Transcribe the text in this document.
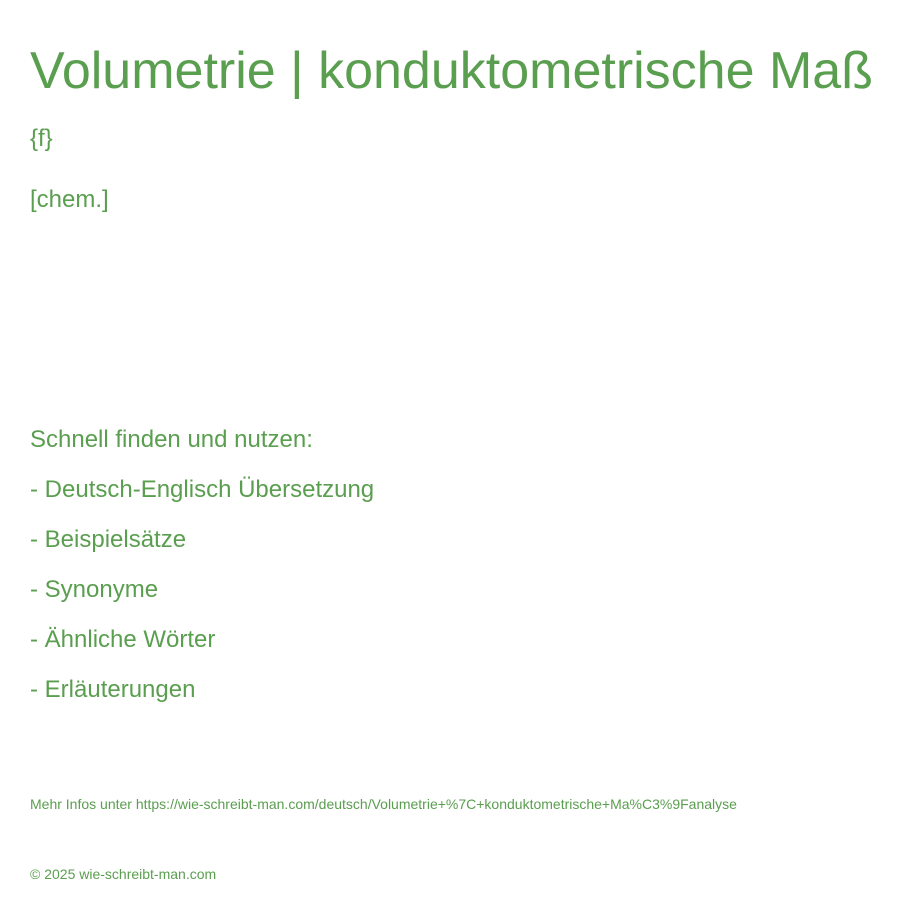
Volumetrie | konduktometrische Maß
{f}
[chem.]
Schnell finden und nutzen:
- Deutsch-Englisch Übersetzung
- Beispielsätze
- Synonyme
- Ähnliche Wörter
- Erläuterungen
Mehr Infos unter https://wie-schreibt-man.com/deutsch/Volumetrie+%7C+konduktometrische+Ma%C3%9Fanalyse
© 2025 wie-schreibt-man.com
